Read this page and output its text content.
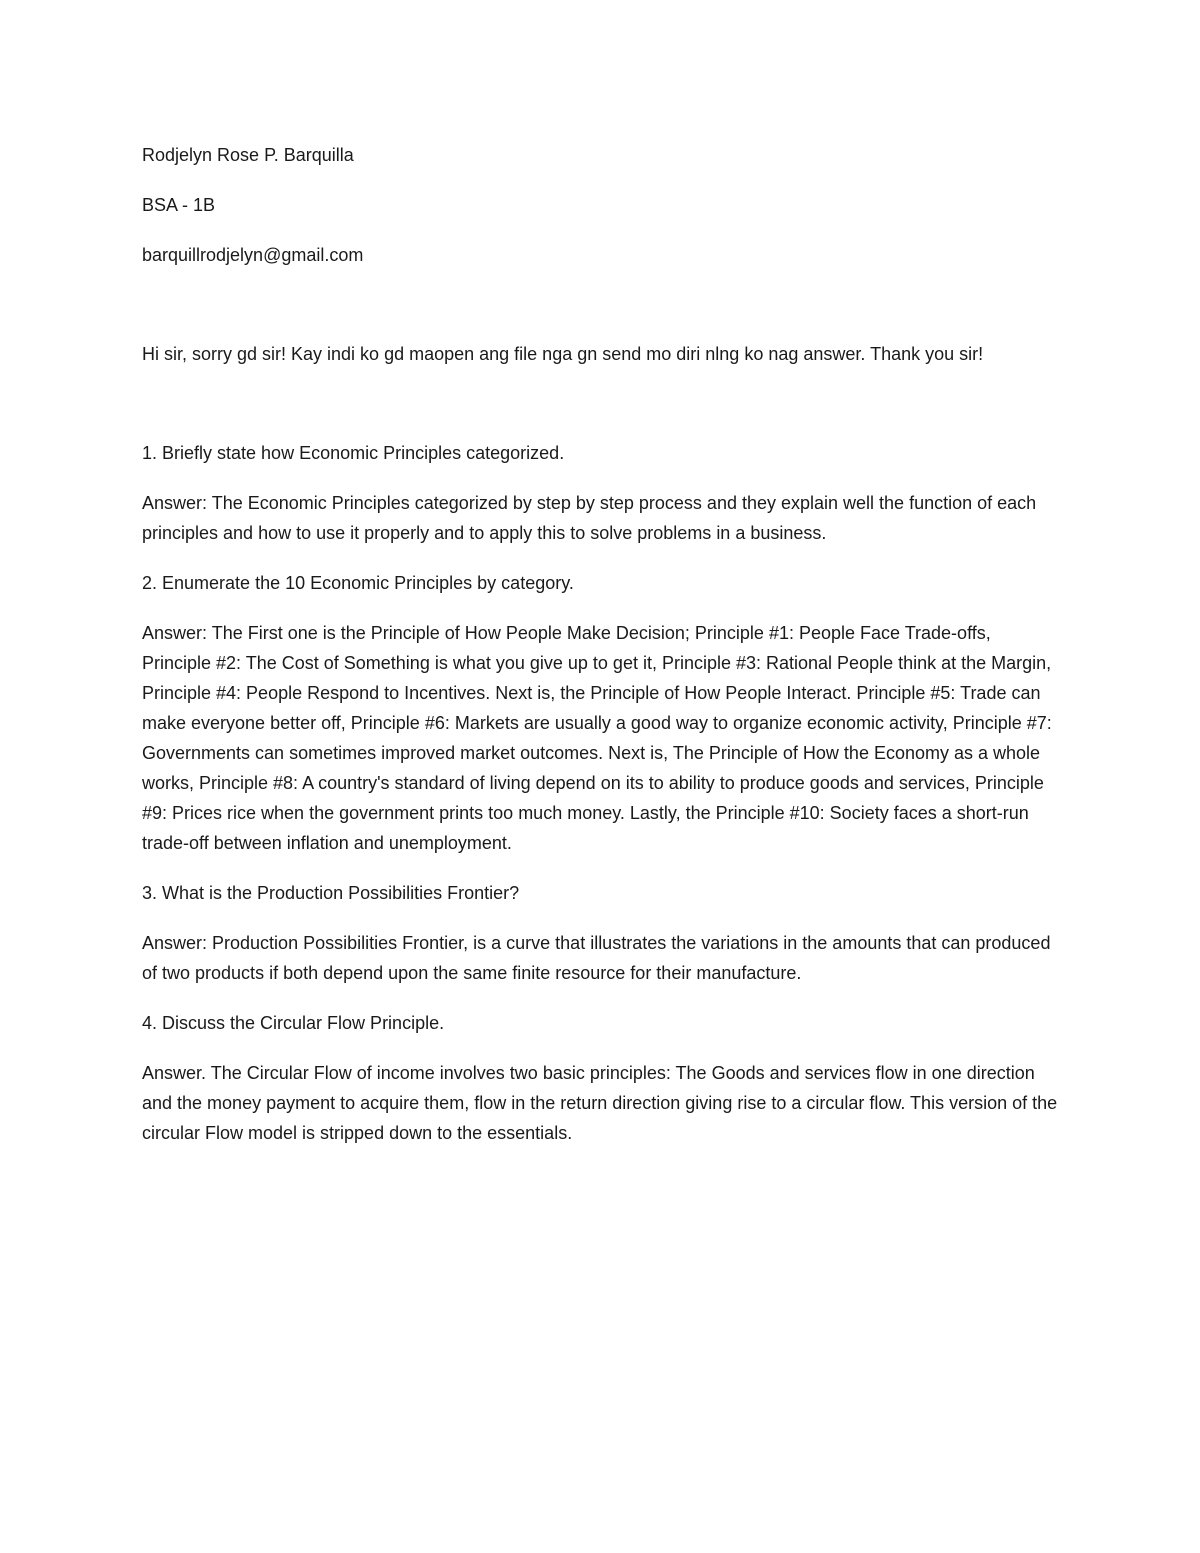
Rodjelyn Rose P. Barquilla

BSA - 1B

barquillrodjelyn@gmail.com

Hi sir, sorry gd sir! Kay indi ko gd maopen ang file nga gn send mo diri nlng ko nag answer. Thank you sir!

1. Briefly state how Economic Principles categorized.

Answer: The Economic Principles categorized by step by step process and they explain well the function of each principles and how to use it properly and to apply this to solve problems in a business.

2. Enumerate the 10 Economic Principles by category.

Answer: The First one is the Principle of How People Make Decision; Principle #1: People Face Trade-offs, Principle #2: The Cost of Something is what you give up to get it, Principle #3: Rational People think at the Margin, Principle #4: People Respond to Incentives. Next is, the Principle of How People Interact. Principle #5: Trade can make everyone better off, Principle #6: Markets are usually a good way to organize economic activity, Principle #7: Governments can sometimes improved market outcomes. Next is, The Principle of How the Economy as a whole works, Principle #8: A country's standard of living depend on its to ability to produce goods and services, Principle #9: Prices rice when the government prints too much money. Lastly, the Principle #10: Society faces a short-run trade-off between inflation and unemployment.

3. What is the Production Possibilities Frontier?

Answer: Production Possibilities Frontier, is a curve that illustrates the variations in the amounts that can produced of two products if both depend upon the same finite resource for their manufacture.

4. Discuss the Circular Flow Principle.

Answer. The Circular Flow of income involves two basic principles: The Goods and services flow in one direction and the money payment to acquire them, flow in the return direction giving rise to a circular flow. This version of the circular Flow model is stripped down to the essentials.
